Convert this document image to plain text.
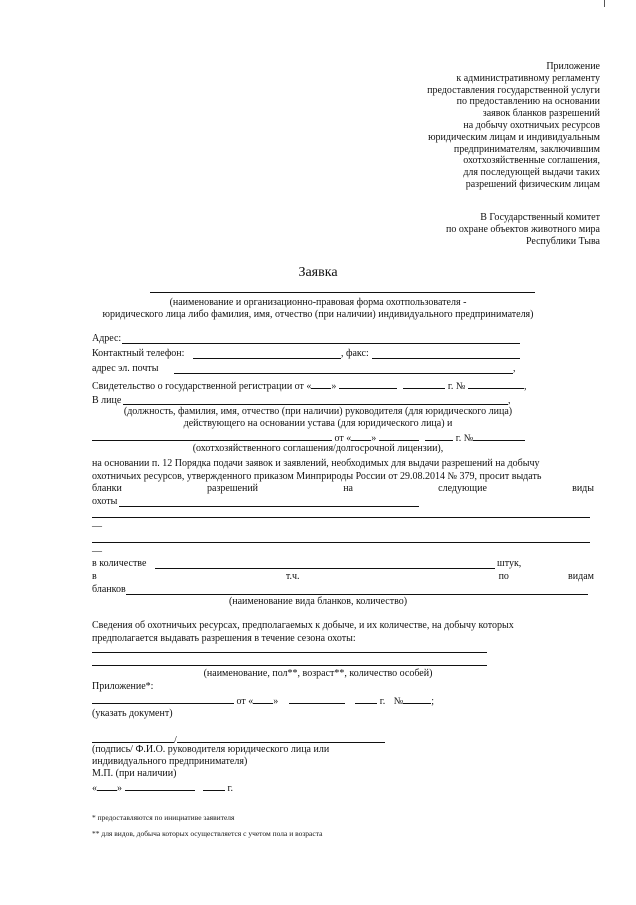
Приложение
к административному регламенту
предоставления государственной услуги
по предоставлению на основании
заявок бланков разрешений
на добычу охотничьих ресурсов
юридическим лицам и индивидуальным
предпринимателям, заключившим
охотхозяйственные соглашения,
для последующей выдачи таких
разрешений физическим лицам
В Государственный комитет
по охране объектов животного мира
Республики Тыва
Заявка
(наименование и организационно-правовая форма охотпользователя -
юридического лица либо фамилия, имя, отчество (при наличии) индивидуального предпринимателя)
Адрес:
Контактный телефон:	, факс:
адрес эл. почты	,
Свидетельство о государственной регистрации от « »	г. №	,
В лице	,
(должность, фамилия, имя, отчество (при наличии) руководителя (для юридического лица)
действующего на основании устава (для юридического лица) и
от « »	г. №
(охотхозяйственного соглашения/долгосрочной лицензии),
на основании п. 12 Порядка подачи заявок и заявлений, необходимых для выдачи разрешений на добычу
охотничьих ресурсов, утвержденного приказом Минприроды России от 29.08.2014 № 379, просит выдать
бланки	разрешений	на	следующие	виды
охоты
—
—
в количестве	штук,
в	т.ч.	по	видам
бланков
(наименование вида бланков, количество)
Сведения об охотничьих ресурсах, предполагаемых к добыче, и их количестве, на добычу которых
предполагается выдавать разрешения в течение сезона охоты:
(наименование, пол**, возраст**, количество особей)
Приложение*:
от « »	г. №	;
(указать документ)
/
(подпись/ Ф.И.О. руководителя юридического лица или
индивидуального предпринимателя)
М.П. (при наличии)
« »	г.
* предоставляются по инициативе заявителя
** для видов, добыча которых осуществляется с учетом пола и возраста
